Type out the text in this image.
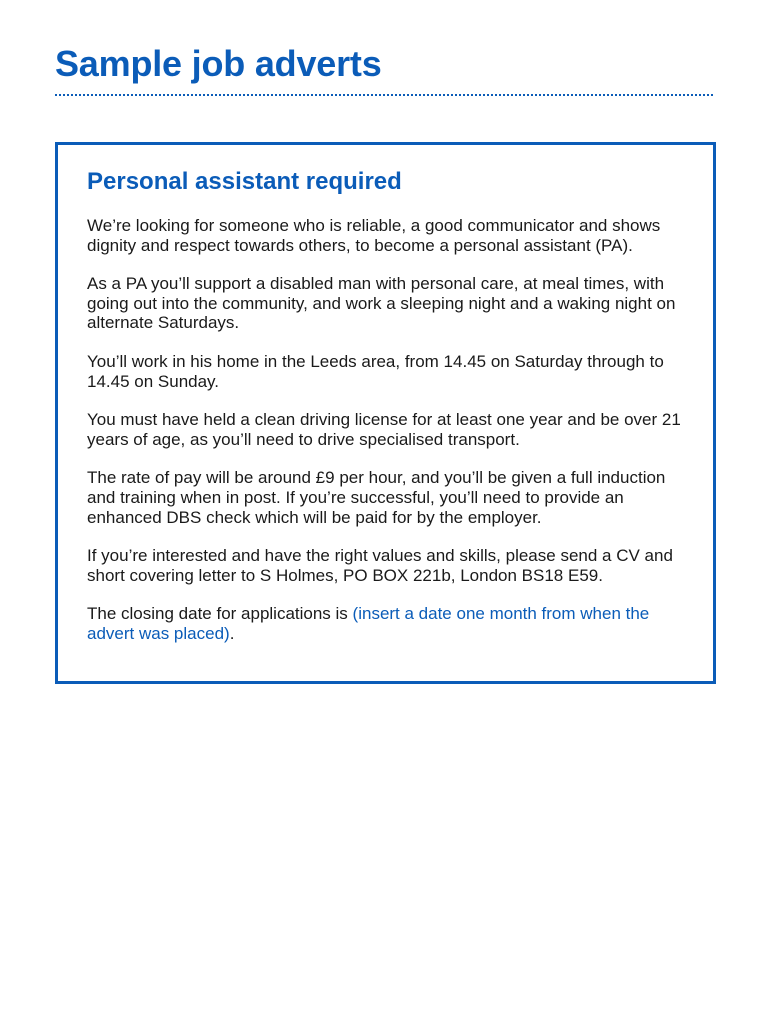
Sample job adverts
Personal assistant required

We’re looking for someone who is reliable, a good communicator and shows dignity and respect towards others, to become a personal assistant (PA).

As a PA you’ll support a disabled man with personal care, at meal times, with going out into the community, and work a sleeping night and a waking night on alternate Saturdays.

You’ll work in his home in the Leeds area, from 14.45 on Saturday through to 14.45 on Sunday.

You must have held a clean driving license for at least one year and be over 21 years of age, as you’ll need to drive specialised transport.

The rate of pay will be around £9 per hour, and you’ll be given a full induction and training when in post. If you’re successful, you’ll need to provide an enhanced DBS check which will be paid for by the employer.

If you’re interested and have the right values and skills, please send a CV and short covering letter to S Holmes, PO BOX 221b, London BS18 E59.

The closing date for applications is (insert a date one month from when the advert was placed).
